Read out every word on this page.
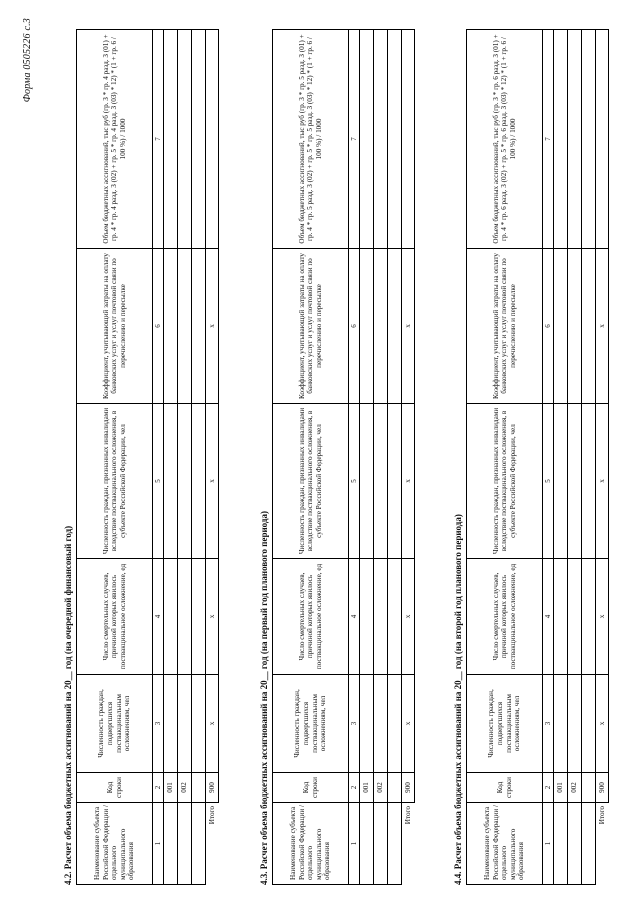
Форма 0505226 с.3
4.2. Расчет объема бюджетных ассигнований на 20__ год (на очередной финансовый год)	Наименование субъекта Российской Федерации / отдельного муниципального образования	Код строки	Численность граждан, подвергшихся поствакцинальным осложнениям, чел	Число смертельных случаев, причиной которых явилось поствакцинальное осложнение, ед	Численность граждан, признанных инвалидами вследствие поствакцинального осложнения, в субъекте Российской Федерации, чел	Коэффициент, учитывающий затраты на оплату банковских услуг и услуг почтовой связи по перечислению и пересылке	Объем бюджетных ассигнований, тыс руб (гр. 3 * гр. 4 разд. 3 (01) + гр. 4 * гр. 4 разд. 3 (02) + гр. 5 * гр. 4 разд. 3 (03) * 12) * (1 + гр. 6 / 100 %) / 1000
1	2	3	4	5	6	7
	001					
	002					

Итого	900	x	x	x	x	
4.3. Расчет объема бюджетных ассигнований на 20__ год (на первый год планового периода)	Наименование субъекта Российской Федерации / отдельного муниципального образования	Код строки	Численность граждан, подвергшихся поствакцинальным осложнениям, чел	Число смертельных случаев, причиной которых явилось поствакцинальное осложнение, ед	Численность граждан, признанных инвалидами вследствие поствакцинального осложнения, в субъекте Российской Федерации, чел	Коэффициент, учитывающий затраты на оплату банковских услуг и услуг почтовой связи по перечислению и пересылке	Объем бюджетных ассигнований, тыс руб (гр. 3 * гр. 5 разд. 3 (01) + гр. 4 * гр. 5 разд. 3 (02) + гр. 5 * гр. 5 разд. 3 (03) * 12) * (1 + гр. 6 / 100 %) / 1000
1	2	3	4	5	6	7
	001					
	002					

Итого	900	x	x	x	x	
4.4. Расчет объема бюджетных ассигнований на 20__ год (на второй год планового периода)	Наименование субъекта Российской Федерации / отдельного муниципального образования	Код строки	Численность граждан, подвергшихся поствакцинальным осложнениям, чел	Число смертельных случаев, причиной которых явилось поствакцинальное осложнение, ед	Численность граждан, признанных инвалидами вследствие поствакцинального осложнения, в субъекте Российской Федерации, чел	Коэффициент, учитывающий затраты на оплату банковских услуг и услуг почтовой связи по перечислению и пересылке	Объем бюджетных ассигнований, тыс руб (гр. 3 * гр. 6 разд. 3 (01) + гр. 4 * гр. 6 разд. 3 (02) + гр. 5 * гр. 6 разд. 3 (03) * 12) * (1 + гр. 6 / 100 %) / 1000
1	2	3	4	5	6	7
	001					
	002					

Итого	900	x	x	x	x	
